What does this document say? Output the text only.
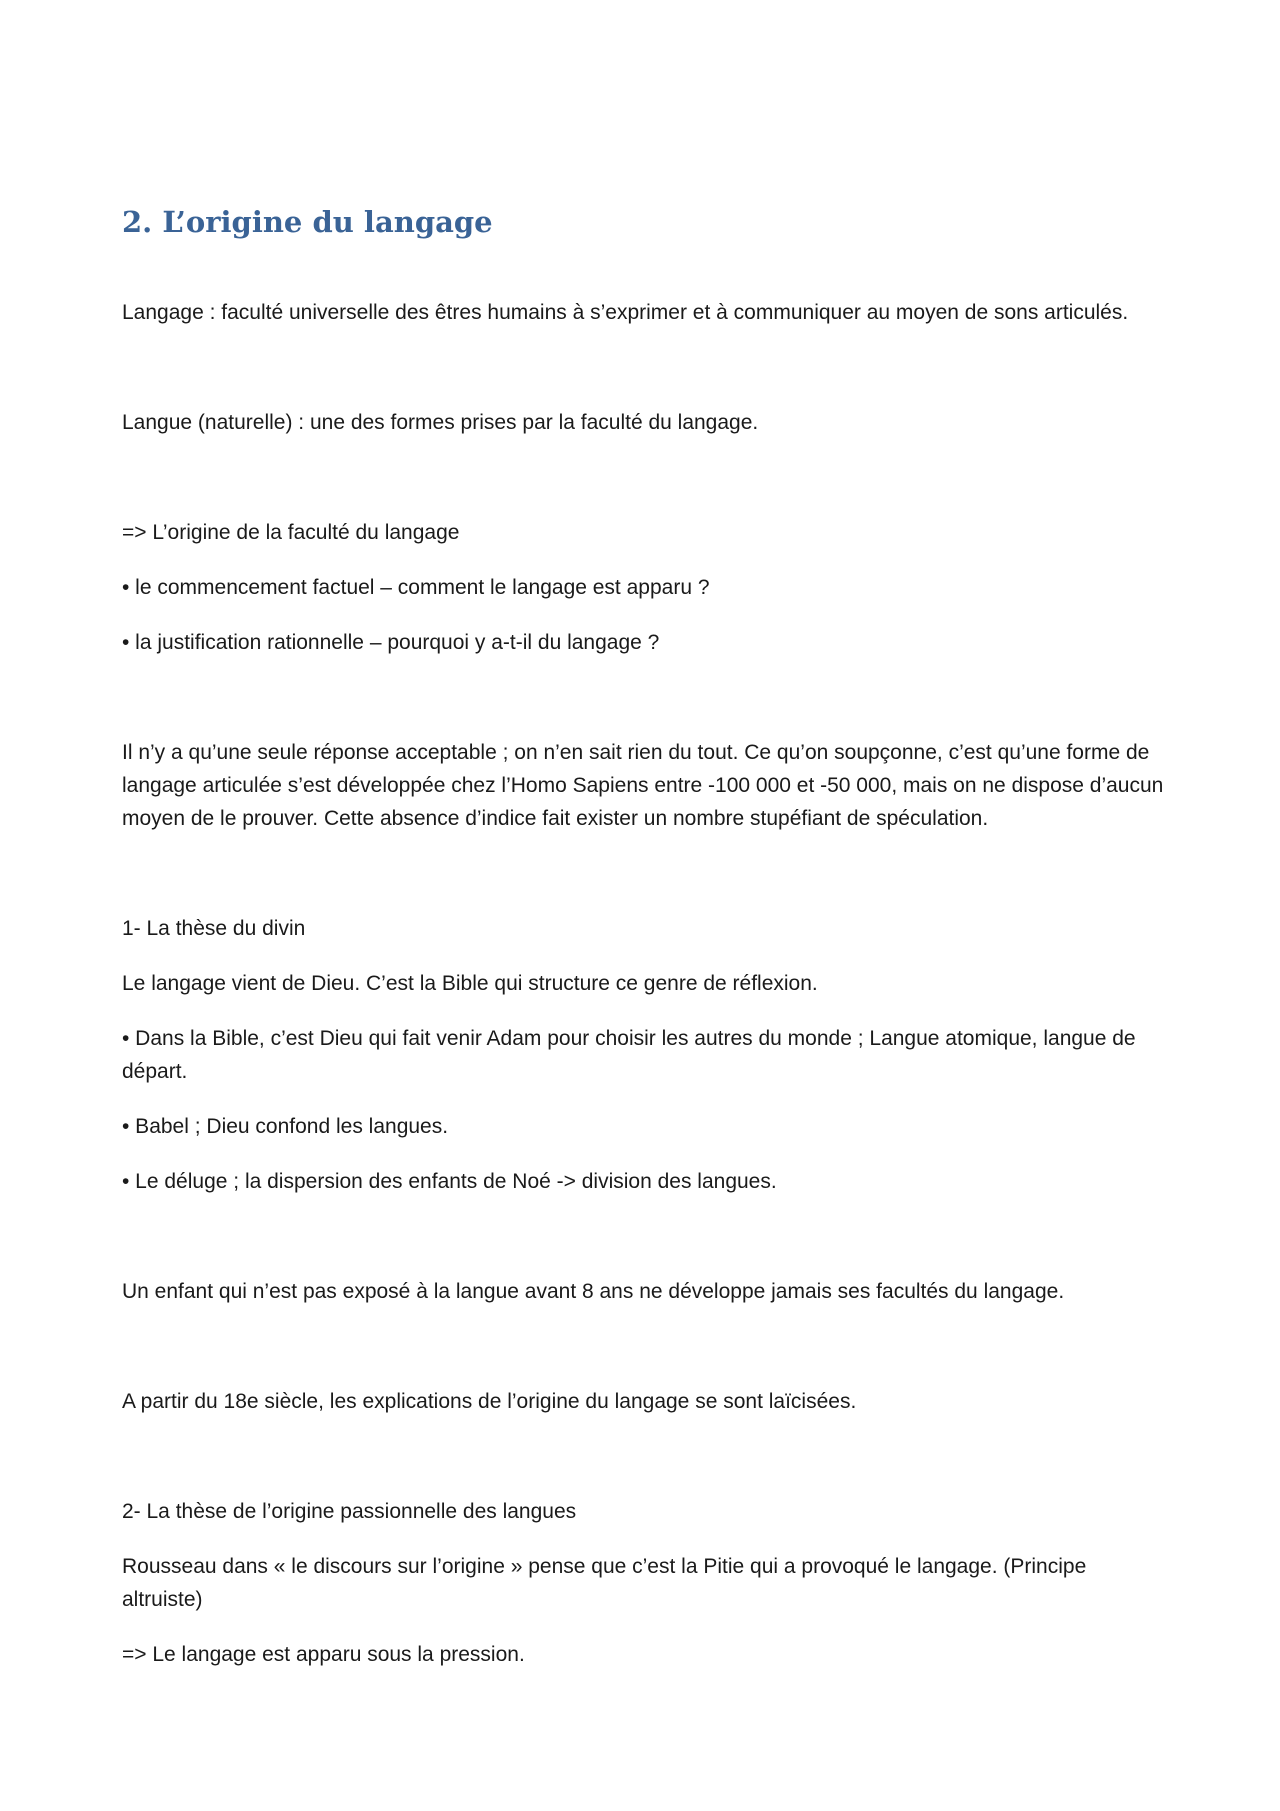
2. L’origine du langage
Langage : faculté universelle des êtres humains à s’exprimer et à communiquer au moyen de sons articulés.
Langue (naturelle) : une des formes prises par la faculté du langage.
=> L’origine de la faculté du langage
• le commencement factuel – comment le langage est apparu ?
• la justification rationnelle – pourquoi y a-t-il du langage ?
Il n’y a qu’une seule réponse acceptable ; on n’en sait rien du tout. Ce qu’on soupçonne, c’est qu’une forme de langage articulée s’est développée chez l’Homo Sapiens entre -100 000 et -50 000, mais on ne dispose d’aucun moyen de le prouver. Cette absence d’indice fait exister un nombre stupéfiant de spéculation.
1- La thèse du divin
Le langage vient de Dieu. C’est la Bible qui structure ce genre de réflexion.
• Dans la Bible, c’est Dieu qui fait venir Adam pour choisir les autres du monde ; Langue atomique, langue de départ.
• Babel ; Dieu confond les langues.
• Le déluge ; la dispersion des enfants de Noé -> division des langues.
Un enfant qui n’est pas exposé à la langue avant 8 ans ne développe jamais ses facultés du langage.
A partir du 18e siècle, les explications de l’origine du langage se sont laïcisées.
2- La thèse de l’origine passionnelle des langues
Rousseau dans « le discours sur l’origine » pense que c’est la Pitie qui a provoqué le langage. (Principe altruiste)
=> Le langage est apparu sous la pression.
